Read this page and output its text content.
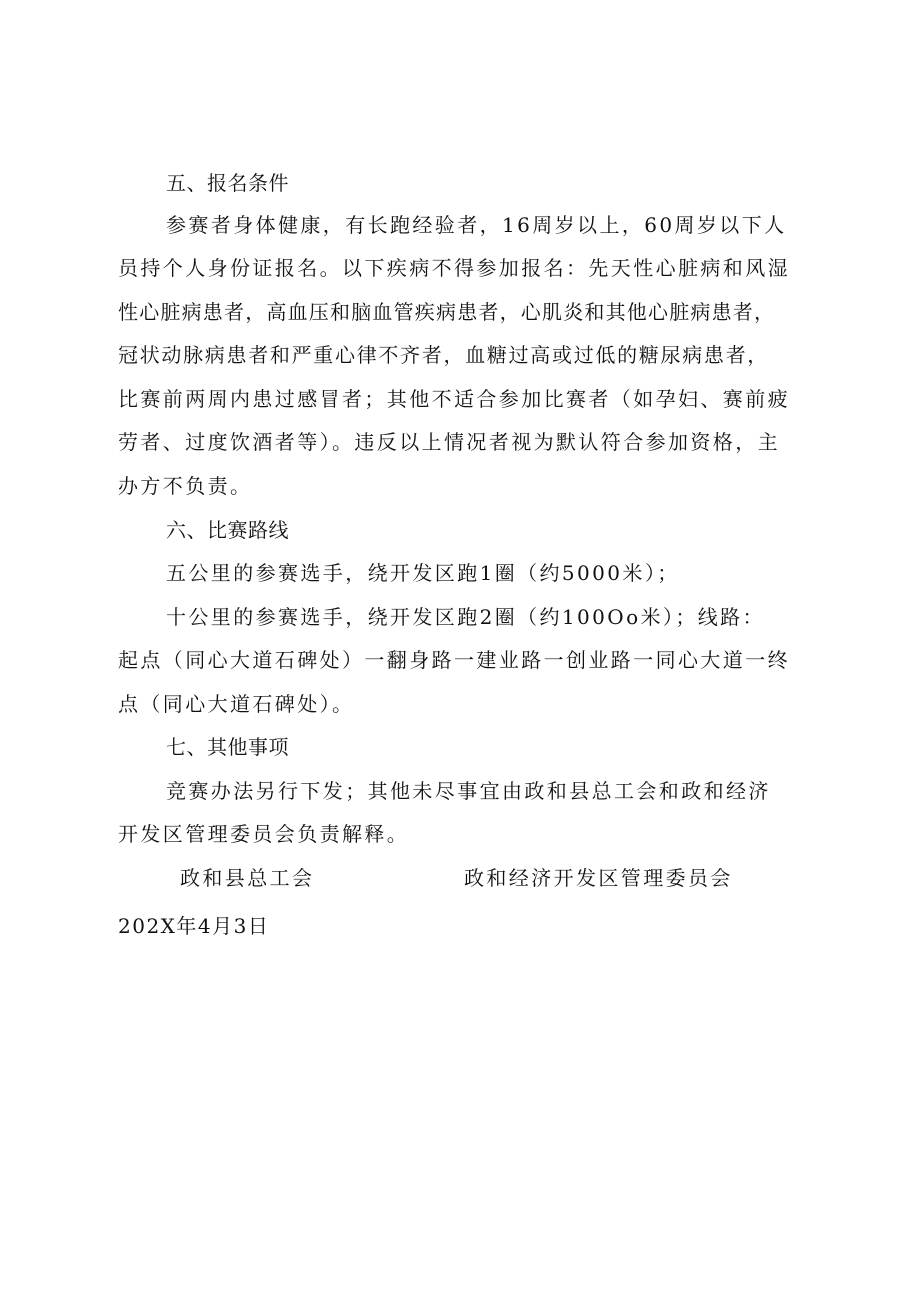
五、报名条件
参赛者身体健康，有长跑经验者，16周岁以上，60周岁以下人
员持个人身份证报名。以下疾病不得参加报名：先天性心脏病和风湿
性心脏病患者，高血压和脑血管疾病患者，心肌炎和其他心脏病患者，
冠状动脉病患者和严重心律不齐者，血糖过高或过低的糖尿病患者，
比赛前两周内患过感冒者；其他不适合参加比赛者（如孕妇、赛前疲
劳者、过度饮酒者等）。违反以上情况者视为默认符合参加资格，主
办方不负责。
六、比赛路线
五公里的参赛选手，绕开发区跑1圈（约5000米）；
十公里的参赛选手，绕开发区跑2圈（约100Oo米）；线路：
起点（同心大道石碑处）一翻身路一建业路一创业路一同心大道一终
点（同心大道石碑处）。
七、其他事项
竞赛办法另行下发；其他未尽事宜由政和县总工会和政和经济
开发区管理委员会负责解释。
政和县总工会	政和经济开发区管理委员会
202X年4月3日
